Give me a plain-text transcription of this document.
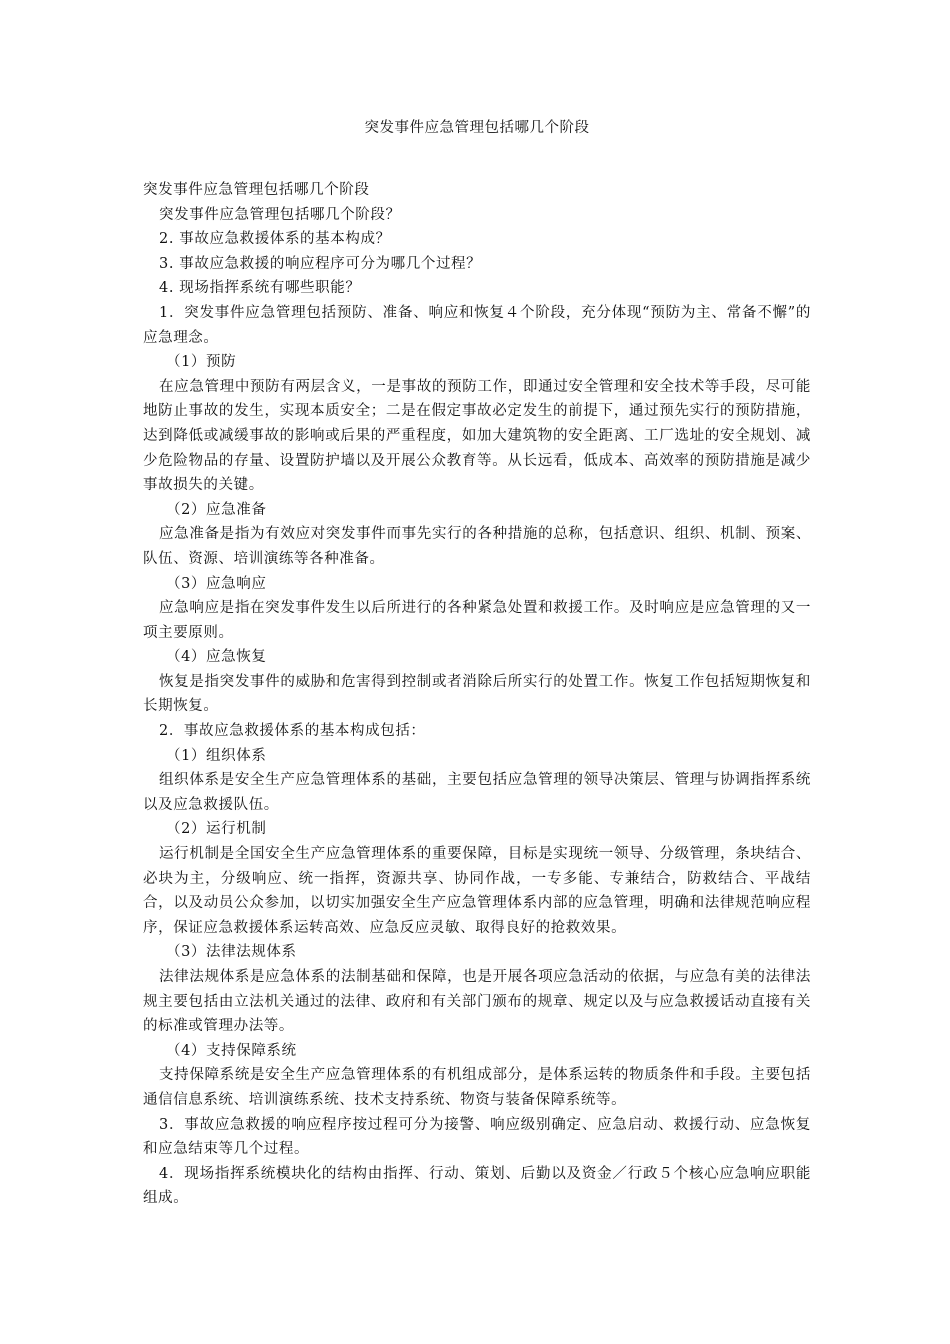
突发事件应急管理包括哪几个阶段

突发事件应急管理包括哪几个阶段

突发事件应急管理包括哪几个阶段？

2. 事故应急救援体系的基本构成？

3. 事故应急救援的响应程序可分为哪几个过程？

4. 现场指挥系统有哪些职能？

1．突发事件应急管理包括预防、准备、响应和恢复４个阶段，充分体现“预防为主、常备不懈”的应急理念。

（1）预防

在应急管理中预防有两层含义，一是事故的预防工作，即通过安全管理和安全技术等手段，尽可能地防止事故的发生，实现本质安全；二是在假定事故必定发生的前提下，通过预先实行的预防措施，达到降低或减缓事故的影响或后果的严重程度，如加大建筑物的安全距离、工厂选址的安全规划、减少危险物品的存量、设置防护墙以及开展公众教育等。从长远看，低成本、高效率的预防措施是减少事故损失的关键。

（2）应急准备

应急准备是指为有效应对突发事件而事先实行的各种措施的总称，包括意识、组织、机制、预案、队伍、资源、培训演练等各种准备。

（3）应急响应

应急响应是指在突发事件发生以后所进行的各种紧急处置和救援工作。及时响应是应急管理的又一项主要原则。

（4）应急恢复

恢复是指突发事件的威胁和危害得到控制或者消除后所实行的处置工作。恢复工作包括短期恢复和长期恢复。

2．事故应急救援体系的基本构成包括：

（1）组织体系

组织体系是安全生产应急管理体系的基础，主要包括应急管理的领导决策层、管理与协调指挥系统以及应急救援队伍。

（2）运行机制

运行机制是全国安全生产应急管理体系的重要保障，目标是实现统一领导、分级管理，条块结合、必块为主，分级响应、统一指挥，资源共享、协同作战，一专多能、专兼结合，防救结合、平战结合，以及动员公众参加，以切实加强安全生产应急管理体系内部的应急管理，明确和法律规范响应程序，保证应急救援体系运转高效、应急反应灵敏、取得良好的抢救效果。

（3）法律法规体系

法律法规体系是应急体系的法制基础和保障，也是开展各项应急活动的依据，与应急有美的法律法规主要包括由立法机关通过的法律、政府和有关部门颁布的规章、规定以及与应急救援话动直接有关的标准或管理办法等。

（4）支持保障系统

支持保障系统是安全生产应急管理体系的有机组成部分，是体系运转的物质条件和手段。主要包括通信信息系统、培训演练系统、技术支持系统、物资与装备保障系统等。

3．事故应急救援的响应程序按过程可分为接警、响应级别确定、应急启动、救援行动、应急恢复和应急结束等几个过程。

4．现场指挥系统模块化的结构由指挥、行动、策划、后勤以及资金／行政５个核心应急响应职能组成。
